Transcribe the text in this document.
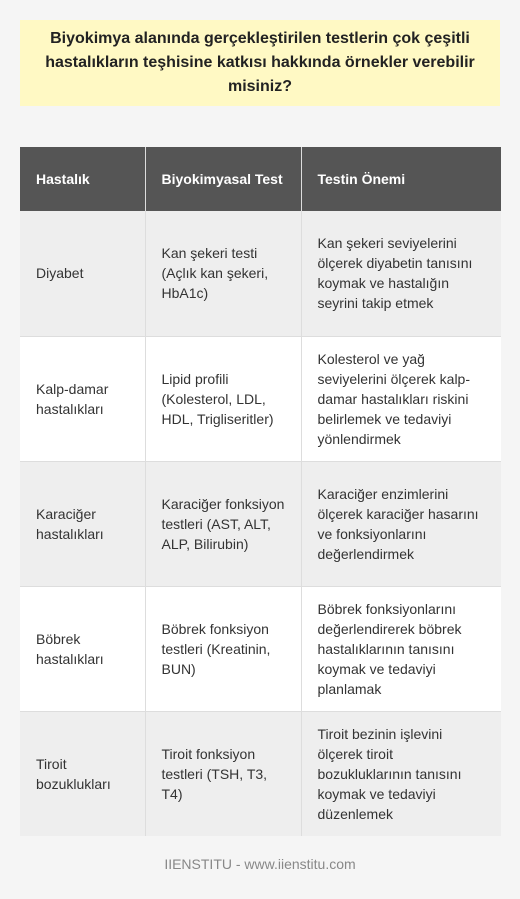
Biyokimya alanında gerçekleştirilen testlerin çok çeşitli hastalıkların teşhisine katkısı hakkında örnekler verebilir misiniz?
Hastalık	Biyokimyasal Test	Testin Önemi
Diyabet	Kan şekeri testi (Açlık kan şekeri, HbA1c)	Kan şekeri seviyelerini ölçerek diyabetin tanısını koymak ve hastalığın seyrini takip etmek
Kalp-damar hastalıkları	Lipid profili (Kolesterol, LDL, HDL, Trigliseritler)	Kolesterol ve yağ seviyelerini ölçerek kalp-damar hastalıkları riskini belirlemek ve tedaviyi yönlendirmek
Karaciğer hastalıkları	Karaciğer fonksiyon testleri (AST, ALT, ALP, Bilirubin)	Karaciğer enzimlerini ölçerek karaciğer hasarını ve fonksiyonlarını değerlendirmek
Böbrek hastalıkları	Böbrek fonksiyon testleri (Kreatinin, BUN)	Böbrek fonksiyonlarını değerlendirerek böbrek hastalıklarının tanısını koymak ve tedaviyi planlamak
Tiroit bozuklukları	Tiroit fonksiyon testleri (TSH, T3, T4)	Tiroit bezinin işlevini ölçerek tiroit bozukluklarının tanısını koymak ve tedaviyi düzenlemek
IIENSTITU - www.iienstitu.com
